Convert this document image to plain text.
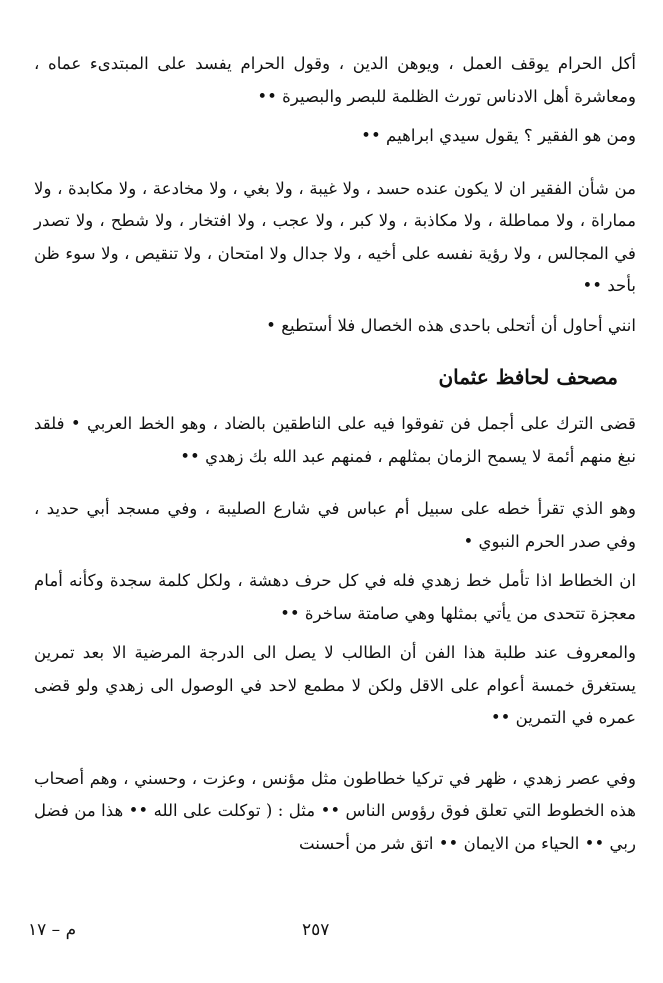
أكل الحرام يوقف العمل ، ويوهن الدين ، وقول الحرام يفسد على المبتدىء عماه ، ومعاشرة أهل الادناس تورث الظلمة للبصر والبصيرة ••

ومن هو الفقير ؟ يقول سيدي ابراهيم ••

من شأن الفقير ان لا يكون عنده حسد ، ولا غيبة ، ولا بغي ، ولا مخادعة ، ولا مكابدة ، ولا مماراة ، ولا مماطلة ، ولا مكاذبة ، ولا كبر ، ولا عجب ، ولا افتخار ، ولا شطح ، ولا تصدر في المجالس ، ولا رؤية نفسه على أخيه ، ولا جدال ولا امتحان ، ولا تنقيص ، ولا سوء ظن بأحد ••

انني أحاول أن أتحلى باحدى هذه الخصال فلا أستطيع •

مصحف لحافظ عثمان

قضى الترك على أجمل فن تفوقوا فيه على الناطقين بالضاد ، وهو الخط العربي • فلقد نبغ منهم أئمة لا يسمح الزمان بمثلهم ، فمنهم عبد الله بك زهدي ••

وهو الذي تقرأ خطه على سبيل أم عباس في شارع الصليبة ، وفي مسجد أبي حديد ، وفي صدر الحرم النبوي •

ان الخطاط اذا تأمل خط زهدي فله في كل حرف دهشة ، ولكل كلمة سجدة وكأنه أمام معجزة تتحدى من يأتي بمثلها وهي صامتة ساخرة ••

والمعروف عند طلبة هذا الفن أن الطالب لا يصل الى الدرجة المرضية الا بعد تمرين يستغرق خمسة أعوام على الاقل ولكن لا مطمع لاحد في الوصول الى زهدي ولو قضى عمره في التمرين ••

وفي عصر زهدي ، ظهر في تركيا خطاطون مثل مؤنس ، وعزت ، وحسني ، وهم أصحاب هذه الخطوط التي تعلق فوق رؤوس الناس •• مثل : ( توكلت على الله •• هذا من فضل ربي •• الحياء من الايمان •• اتق شر من أحسنت

٢٥٧
م – ١٧
